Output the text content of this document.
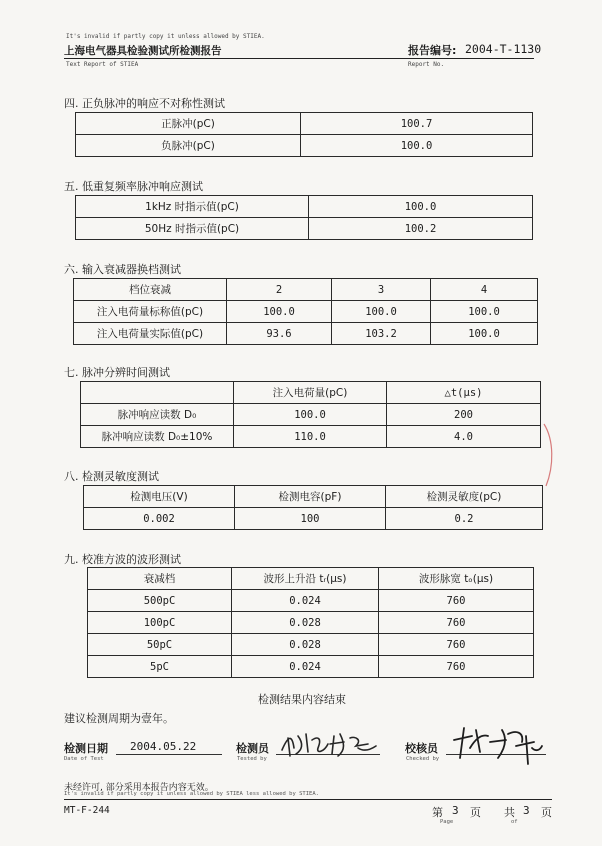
It's invalid if partly copy it unless allowed by STIEA.
上海电气器具检验测试所检测报告	报告编号: 2004-T-1130
Text Report of STIEA	Report No.
四. 正负脉冲的响应不对称性测试
正脉冲(pC)	100.7
负脉冲(pC)	100.0
五. 低重复频率脉冲响应测试
1kHz 时指示值(pC)	100.0
50Hz 时指示值(pC)	100.2
六. 输入衰减器换档测试
档位衰减	2	3	4
注入电荷量标称值(pC)	100.0	100.0	100.0
注入电荷量实际值(pC)	93.6	103.2	100.0
七. 脉冲分辨时间测试
	注入电荷量(pC)	△t(μs)
脉冲响应读数 D₀	100.0	200
脉冲响应读数 D₀±10%	110.0	4.0
八. 检测灵敏度测试
检测电压(V)	检测电容(pF)	检测灵敏度(pC)
0.002	100	0.2
九. 校准方波的波形测试
衰减档	波形上升沿 tᵣ(μs)	波形脉宽 tₒ(μs)
500pC	0.024	760
100pC	0.028	760
50pC	0.028	760
5pC	0.024	760
检测结果内容结束
建议检测周期为壹年。
检测日期 2004.05.22
Date of Test
检测员
Tested by
校核员
Checked by
未经许可, 部分采用本报告内容无效。
It's invalid if partly copy it unless allowed by STIEA less allowed by STIEA.
MT-F-244	第 3 页
Page
共 3 页
of
